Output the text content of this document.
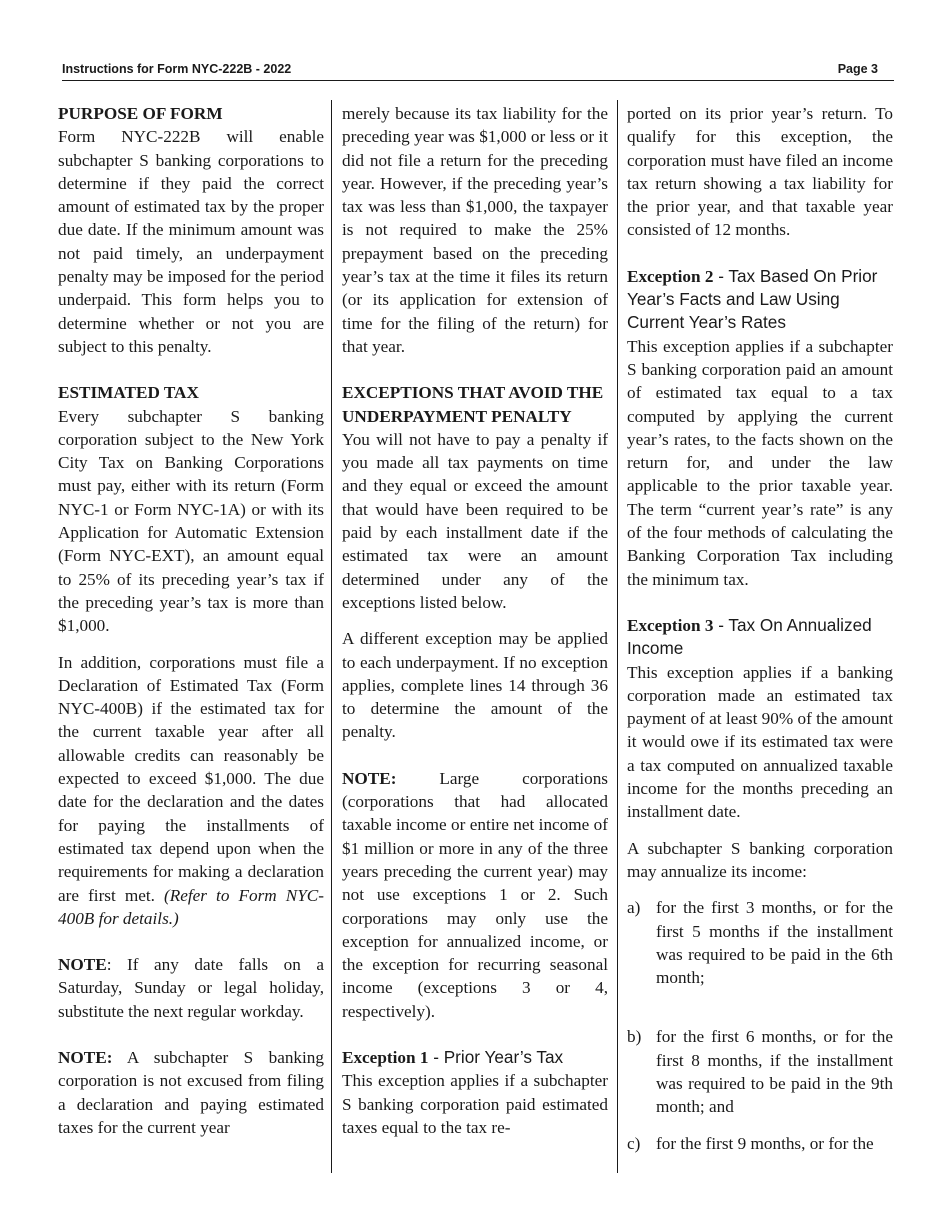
Instructions for Form NYC-222B - 2022	Page 3

PURPOSE OF FORM

Form NYC-222B will enable subchapter S banking corporations to determine if they paid the correct amount of estimated tax by the proper due date. If the minimum amount was not paid timely, an underpayment penalty may be imposed for the period underpaid. This form helps you to determine whether or not you are subject to this penalty.

ESTIMATED TAX

Every subchapter S banking corporation subject to the New York City Tax on Banking Corporations must pay, either with its return (Form NYC-1 or Form NYC-1A) or with its Application for Automatic Extension (Form NYC-EXT), an amount equal to 25% of its preceding year’s tax if the preceding year’s tax is more than $1,000.

In addition, corporations must file a Declaration of Estimated Tax (Form NYC-400B) if the estimated tax for the current taxable year after all allowable credits can reasonably be expected to exceed $1,000. The due date for the declaration and the dates for paying the installments of estimated tax depend upon when the requirements for making a declaration are first met. (Refer to Form NYC-400B for details.)

NOTE: If any date falls on a Saturday, Sunday or legal holiday, substitute the next regular workday.

NOTE: A subchapter S banking corporation is not excused from filing a declaration and paying estimated taxes for the current year

merely because its tax liability for the preceding year was $1,000 or less or it did not file a return for the preceding year. However, if the preceding year’s tax was less than $1,000, the taxpayer is not required to make the 25% prepayment based on the preceding year’s tax at the time it files its return (or its application for extension of time for the filing of the return) for that year.

EXCEPTIONS THAT AVOID THE UNDERPAYMENT PENALTY

You will not have to pay a penalty if you made all tax payments on time and they equal or exceed the amount that would have been required to be paid by each installment date if the estimated tax were an amount determined under any of the exceptions listed below.

A different exception may be applied to each underpayment. If no exception applies, complete lines 14 through 36 to determine the amount of the penalty.

NOTE: Large corporations (corporations that had allocated taxable income or entire net income of $1 million or more in any of the three years preceding the current year) may not use exceptions 1 or 2. Such corporations may only use the exception for annualized income, or the exception for recurring seasonal income (exceptions 3 or 4, respectively).

Exception 1 - Prior Year’s Tax

This exception applies if a subchapter S banking corporation paid estimated taxes equal to the tax re-

ported on its prior year’s return. To qualify for this exception, the corporation must have filed an income tax return showing a tax liability for the prior year, and that taxable year consisted of 12 months.

Exception 2 - Tax Based On Prior Year’s Facts and Law Using Current Year’s Rates

This exception applies if a subchapter S banking corporation paid an amount of estimated tax equal to a tax computed by applying the current year’s rates, to the facts shown on the return for, and under the law applicable to the prior taxable year. The term “current year’s rate” is any of the four methods of calculating the Banking Corporation Tax including the minimum tax.

Exception 3 - Tax On Annualized Income

This exception applies if a banking corporation made an estimated tax payment of at least 90% of the amount it would owe if its estimated tax were a tax computed on annualized taxable income for the months preceding an installment date.

A subchapter S banking corporation may annualize its income:

a) for the first 3 months, or for the first 5 months if the installment was required to be paid in the 6th month;
b) for the first 6 months, or for the first 8 months, if the installment was required to be paid in the 9th month; and
c) for the first 9 months, or for the
